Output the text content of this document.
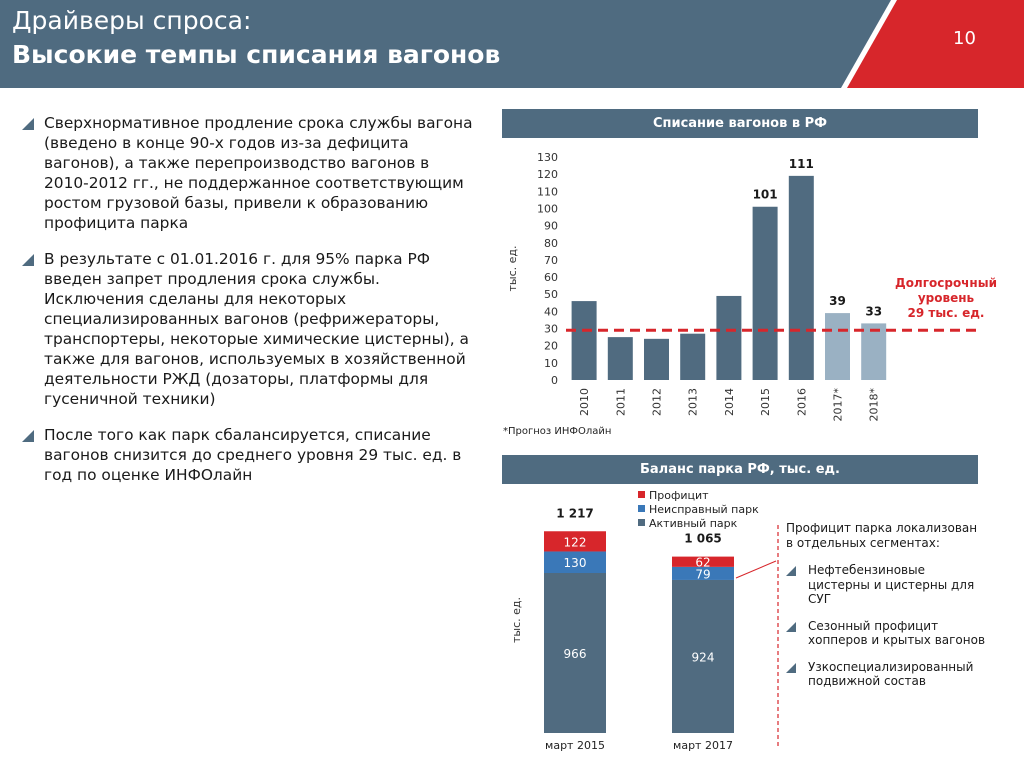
Драйверы спроса:
Высокие темпы списания вагонов
10
Сверхнормативное продление срока службы вагона (введено в конце 90-х годов из-за дефицита вагонов), а также перепроизводство вагонов в 2010-2012 гг., не поддержанное соответствующим ростом грузовой базы, привели к образованию профицита парка
В результате с 01.01.2016 г. для 95% парка РФ введен запрет продления срока службы. Исключения сделаны для некоторых специализированных вагонов (рефрижераторы, транспортеры, некоторые химические цистерны), а также для вагонов, используемых в хозяйственной деятельности РЖД (дозаторы, платформы для гусеничной техники)
После того как парк сбалансируется, списание вагонов снизится до среднего уровня 29 тыс. ед. в год по оценке ИНФОлайн
Списание вагонов в РФ
тыс. ед.
0
10
20
30
40
50
60
70
80
90
100
110
120
130
2010 2011 2012 2013 2014
101
2015
111
2016
39
2017*
33
2018*
Долгосрочный
уровень
29 тыс. ед.
*Прогноз ИНФОлайн
Баланс парка РФ, тыс. ед.
тыс. ед.
Профицит
Неисправный парк
Активный парк
966
130
122
1 217
март 2015
924
79
62
1 065
март 2017
Профицит парка локализован в отдельных сегментах:
Нефтебензиновые цистерны и цистерны для СУГ
Сезонный профицит хопперов и крытых вагонов
Узкоспециализированный подвижной состав
